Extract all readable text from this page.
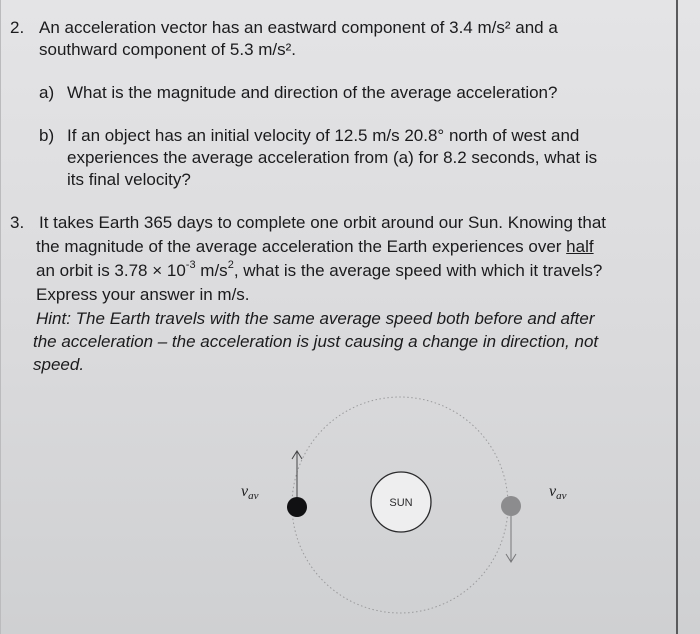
2. An acceleration vector has an eastward component of 3.4 m/s² and a
southward component of 5.3 m/s².
a) What is the magnitude and direction of the average acceleration?
b) If an object has an initial velocity of 12.5 m/s 20.8° north of west and
experiences the average acceleration from (a) for 8.2 seconds, what is
its final velocity?
3. It takes Earth 365 days to complete one orbit around our Sun. Knowing that
the magnitude of the average acceleration the Earth experiences over half
an orbit is $3.78 \times 10^{-3}$ $m/s^2$, what is the average speed with which it travels?
Express your answer in m/s.
Hint: The Earth travels with the same average speed both before and after
the acceleration – the acceleration is just causing a change in direction, not
speed.
SUN
vav	vav
